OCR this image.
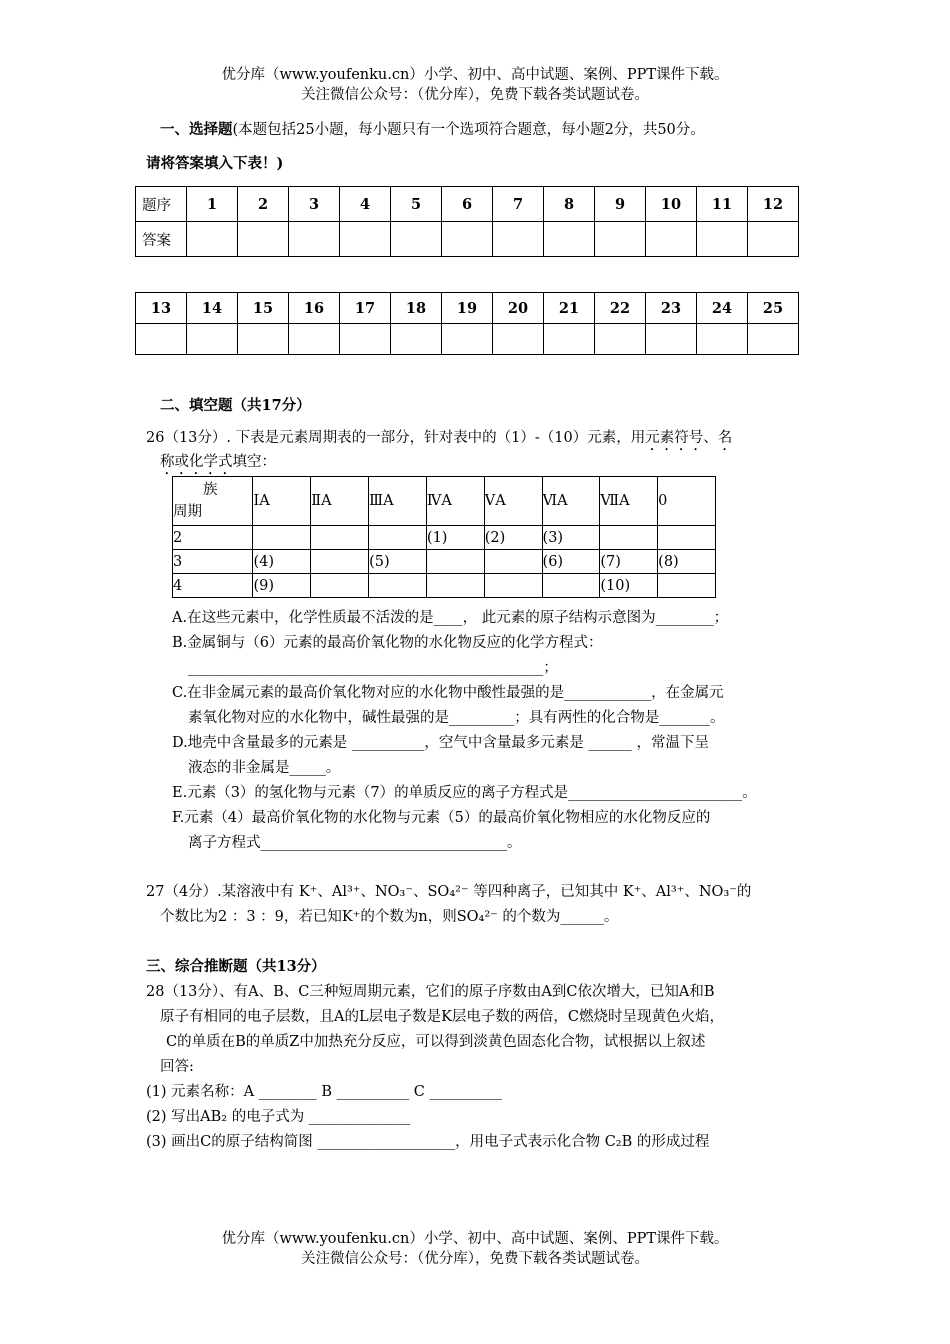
优分库（www.youfenku.cn）小学、初中、高中试题、案例、PPT课件下载。
关注微信公众号：（优分库），免费下载各类试题试卷。
一、选择题(本题包括25小题，每小题只有一个选项符合题意，每小题2分，共50分。
请将答案填入下表！)
题序	1	2	3	4	5	6	7	8	9	10	11	12
答案												
13	14	15	16	17	18	19	20	21	22	23	24	25

二、填空题（共17分）
26（13分）. 下表是元素周期表的一部分，针对表中的（1）-（10）元素，用元素符号、名
称或化学式填空：
族
周期	ⅠA	ⅡA	ⅢA	ⅣA	ⅤA	ⅥA	ⅦA	0
2				(1)	(2)	(3)		
3	(4)		(5)			(6)	(7)	(8)
4	(9)						(10)	
A.在这些元素中，化学性质最不活泼的是____， 此元素的原子结构示意图为________；
B.金属铜与（6）元素的最高价氧化物的水化物反应的化学方程式：
_________________________________________________；
C.在非金属元素的最高价氧化物对应的水化物中酸性最强的是____________，在金属元
素氧化物对应的水化物中，碱性最强的是_________；具有两性的化合物是_______。
D.地壳中含量最多的元素是 __________，空气中含量最多元素是 ______ ，常温下呈
液态的非金属是_____。
E.元素（3）的氢化物与元素（7）的单质反应的离子方程式是________________________。
F.元素（4）最高价氧化物的水化物与元素（5）的最高价氧化物相应的水化物反应的
离子方程式__________________________________。
27（4分）.某溶液中有 K⁺、Al³⁺、NO₃⁻、SO₄²⁻ 等四种离子，已知其中 K⁺、Al³⁺、NO₃⁻的
个数比为2 ：3 ：9，若已知K⁺的个数为n，则SO₄²⁻ 的个数为______。
三、综合推断题（共13分）
28（13分）、有A、B、C三种短周期元素，它们的原子序数由A到C依次增大，已知A和B
原子有相同的电子层数，且A的L层电子数是K层电子数的两倍，C燃烧时呈现黄色火焰，
C的单质在B的单质Z中加热充分反应，可以得到淡黄色固态化合物，试根据以上叙述
回答:
(1) 元素名称：A ________ B __________ C __________
(2) 写出AB₂ 的电子式为 ______________
(3) 画出C的原子结构简图 ___________________，用电子式表示化合物 C₂B 的形成过程
优分库（www.youfenku.cn）小学、初中、高中试题、案例、PPT课件下载。
关注微信公众号：（优分库），免费下载各类试题试卷。
